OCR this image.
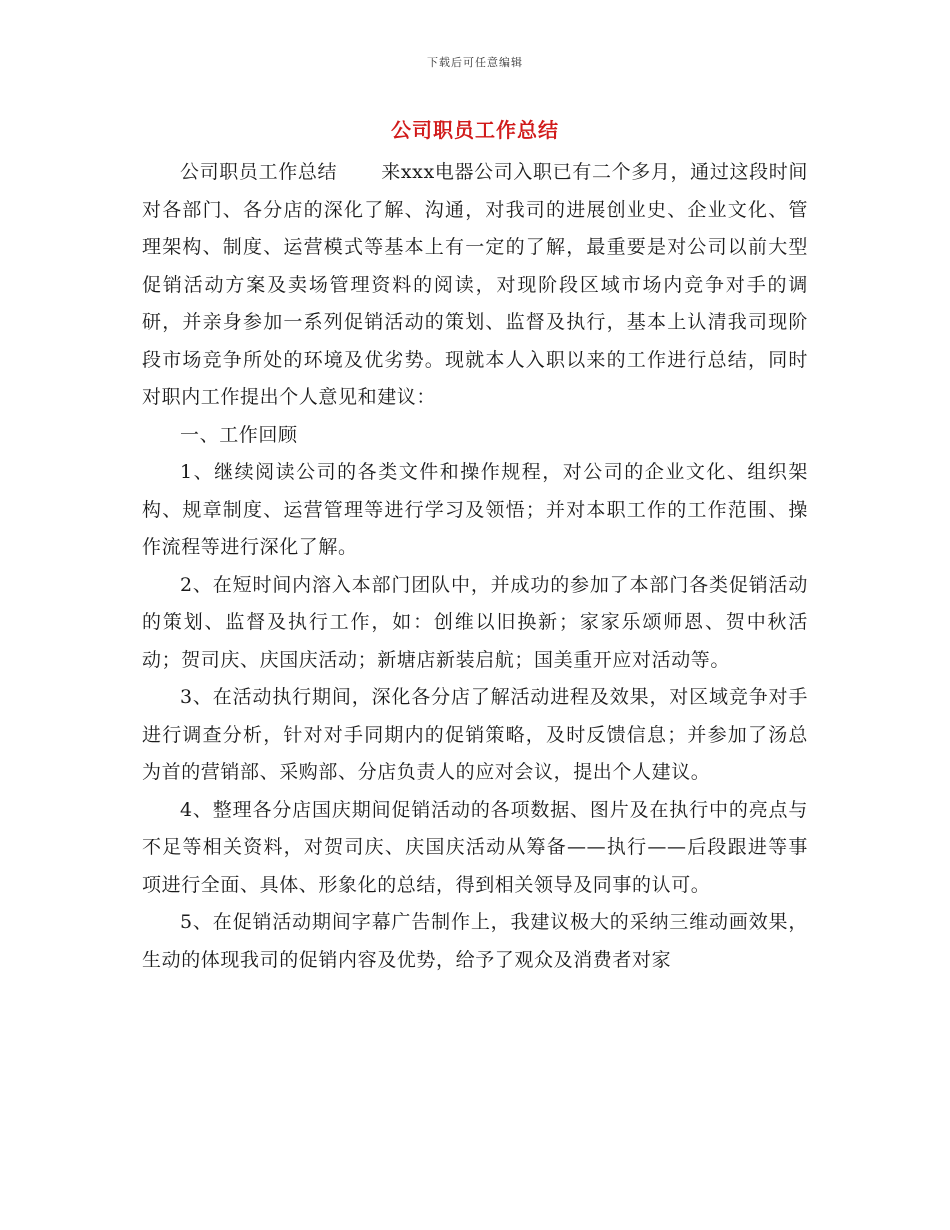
下载后可任意编辑
公司职员工作总结

公司职员工作总结 来xxx电器公司入职已有二个多月，通过这段时间对各部门、各分店的深化了解、沟通，对我司的进展创业史、企业文化、管理架构、制度、运营模式等基本上有一定的了解，最重要是对公司以前大型促销活动方案及卖场管理资料的阅读，对现阶段区域市场内竞争对手的调研，并亲身参加一系列促销活动的策划、监督及执行，基本上认清我司现阶段市场竞争所处的环境及优劣势。现就本人入职以来的工作进行总结，同时对职内工作提出个人意见和建议：

一、工作回顾

1、继续阅读公司的各类文件和操作规程，对公司的企业文化、组织架构、规章制度、运营管理等进行学习及领悟；并对本职工作的工作范围、操作流程等进行深化了解。

2、在短时间内溶入本部门团队中，并成功的参加了本部门各类促销活动的策划、监督及执行工作，如：创维以旧换新；家家乐颂师恩、贺中秋活动；贺司庆、庆国庆活动；新塘店新装启航；国美重开应对活动等。

3、在活动执行期间，深化各分店了解活动进程及效果，对区域竞争对手进行调查分析，针对对手同期内的促销策略，及时反馈信息；并参加了汤总为首的营销部、采购部、分店负责人的应对会议，提出个人建议。

4、整理各分店国庆期间促销活动的各项数据、图片及在执行中的亮点与不足等相关资料，对贺司庆、庆国庆活动从筹备——执行——后段跟进等事项进行全面、具体、形象化的总结，得到相关领导及同事的认可。

5、在促销活动期间字幕广告制作上，我建议极大的采纳三维动画效果，生动的体现我司的促销内容及优势，给予了观众及消费者对家
